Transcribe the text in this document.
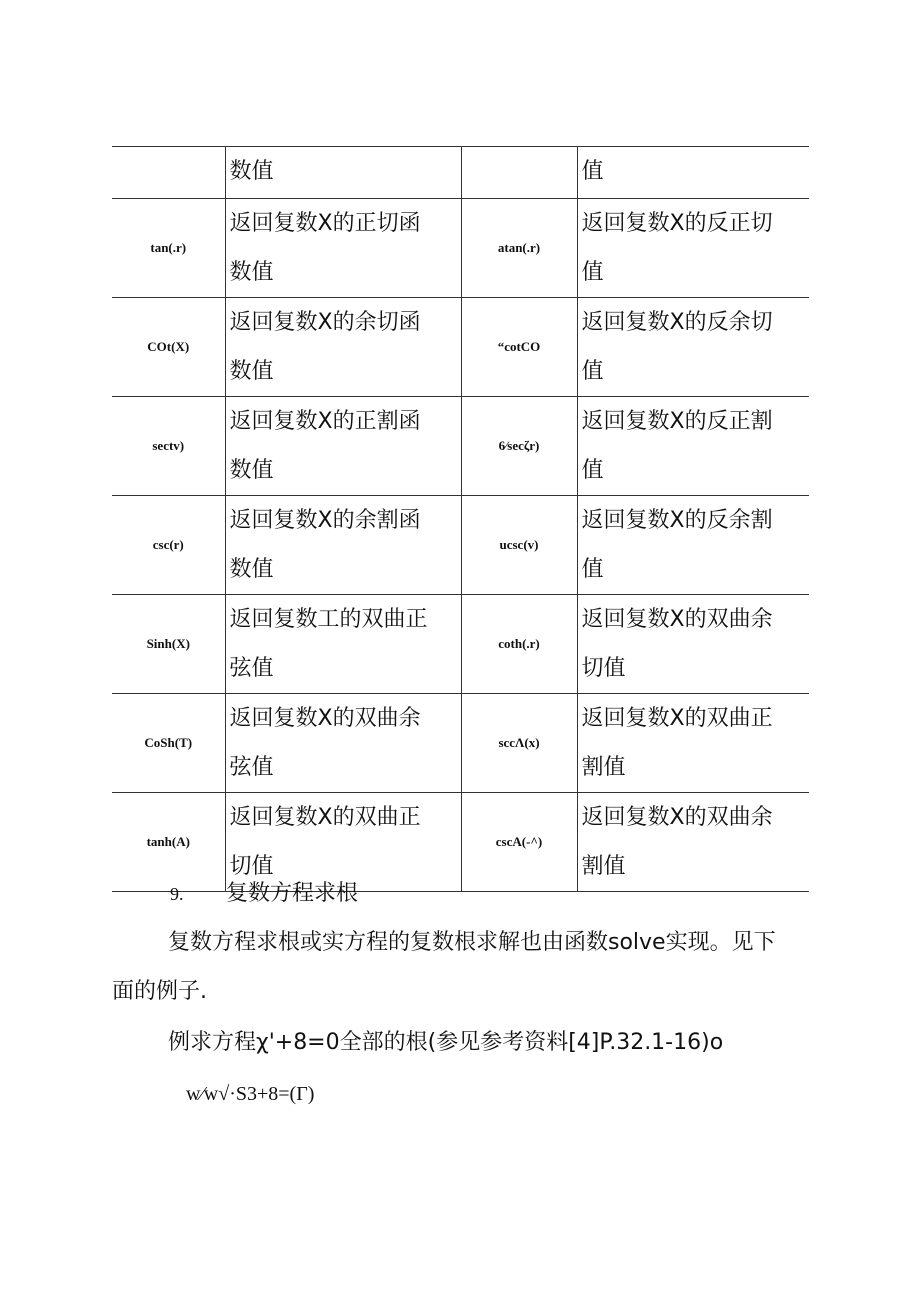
	数值		值
tan(.r)	返回复数X的正切函数值	atan(.r)	返回复数X的反正切值
COt(X)	返回复数X的余切函数值	“cotCO	返回复数X的反余切值
sectv)	返回复数X的正割函数值	6⁄secζr)	返回复数X的反正割值
csc(r)	返回复数X的余割函数值	ucsc(v)	返回复数X的反余割值
Sinh(X)	返回复数工的双曲正弦值	coth(.r)	返回复数X的双曲余切值
CoSh(T)	返回复数X的双曲余弦值	sccΛ(x)	返回复数X的双曲正割值
tanh(A)	返回复数X的双曲正切值	cscA(-^)	返回复数X的双曲余割值
9. 复数方程求根
复数方程求根或实方程的复数根求解也由函数solve实现。见下
面的例子.
例求方程χ'+8=0全部的根(参见参考资料[4]P.32.1-16)o
w⁄w√·S3+8=(Γ)
